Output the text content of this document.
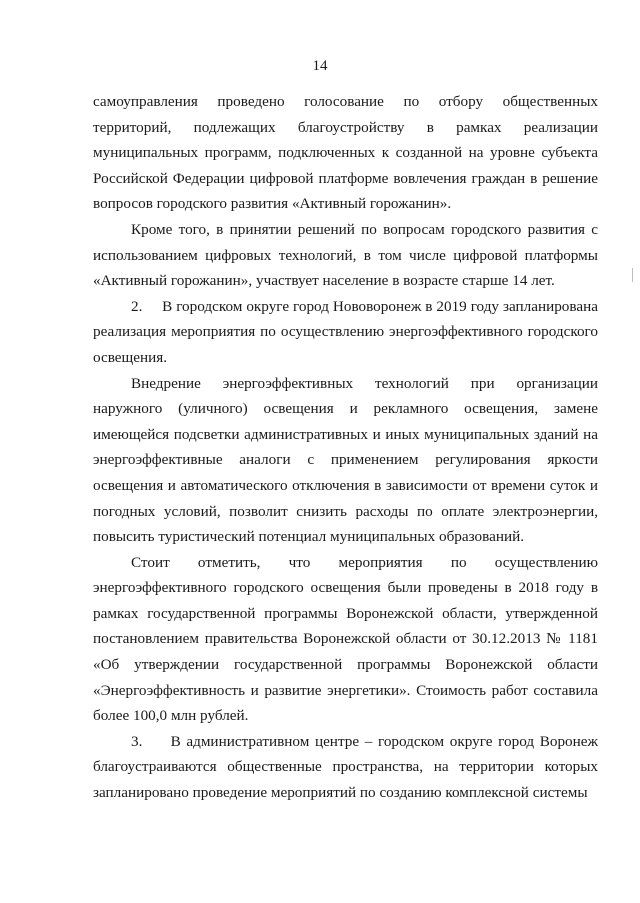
14

самоуправления проведено голосование по отбору общественных территорий, подлежащих благоустройству в рамках реализации муниципальных программ, подключенных к созданной на уровне субъекта Российской Федерации цифровой платформе вовлечения граждан в решение вопросов городского развития «Активный горожанин».

Кроме того, в принятии решений по вопросам городского развития с использованием цифровых технологий, в том числе цифровой платформы «Активный горожанин», участвует население в возрасте старше 14 лет.

2.     В городском округе город Нововоронеж в 2019 году запланирована реализация мероприятия по осуществлению энергоэффективного городского освещения.

Внедрение энергоэффективных технологий при организации наружного (уличного) освещения и рекламного освещения, замене имеющейся подсветки административных и иных муниципальных зданий на энергоэффективные аналоги с применением регулирования яркости освещения и автоматического отключения в зависимости от времени суток и погодных условий, позволит снизить расходы по оплате электроэнергии, повысить туристический потенциал муниципальных образований.

Стоит отметить, что мероприятия по осуществлению энергоэффективного городского освещения были проведены в 2018 году в рамках государственной программы Воронежской области, утвержденной постановлением правительства Воронежской области от 30.12.2013 № 1181 «Об утверждении государственной программы Воронежской области «Энергоэффективность и развитие энергетики». Стоимость работ составила более 100,0 млн рублей.

3.     В административном центре – городском округе город Воронеж благоустраиваются общественные пространства, на территории которых запланировано проведение мероприятий по созданию комплексной системы
